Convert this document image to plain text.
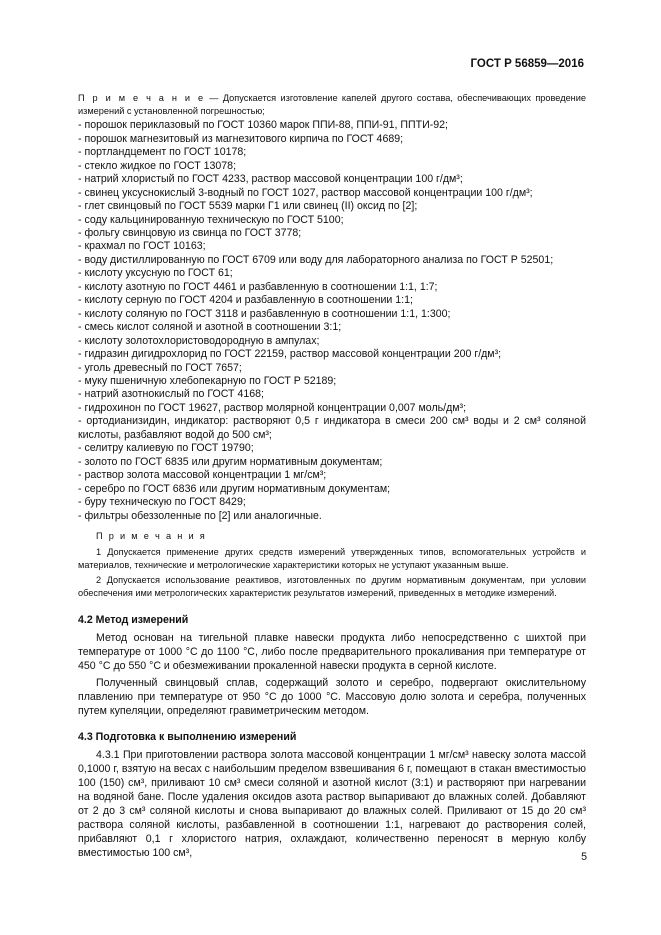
ГОСТ Р 56859—2016
П р и м е ч а н и е — Допускается изготовление капелей другого состава, обеспечивающих проведение измерений с установленной погрешностью;
- порошок периклазовый по ГОСТ 10360 марок ППИ-88, ППИ-91, ППТИ-92;
- порошок магнезитовый из магнезитового кирпича по ГОСТ 4689;
- портландцемент по ГОСТ 10178;
- стекло жидкое по ГОСТ 13078;
- натрий хлористый по ГОСТ 4233, раствор массовой концентрации 100 г/дм³;
- свинец уксуснокислый 3-водный по ГОСТ 1027, раствор массовой концентрации 100 г/дм³;
- глет свинцовый по ГОСТ 5539 марки Г1 или свинец (II) оксид по [2];
- соду кальцинированную техническую по ГОСТ 5100;
- фольгу свинцовую из свинца по ГОСТ 3778;
- крахмал по ГОСТ 10163;
- воду дистиллированную по ГОСТ 6709 или воду для лабораторного анализа по ГОСТ Р 52501;
- кислоту уксусную по ГОСТ 61;
- кислоту азотную по ГОСТ 4461 и разбавленную в соотношении 1:1, 1:7;
- кислоту серную по ГОСТ 4204 и разбавленную в соотношении 1:1;
- кислоту соляную по ГОСТ 3118 и разбавленную в соотношении 1:1, 1:300;
- смесь кислот соляной и азотной в соотношении 3:1;
- кислоту золотохлористоводородную в ампулах;
- гидразин дигидрохлорид по ГОСТ 22159, раствор массовой концентрации 200 г/дм³;
- уголь древесный по ГОСТ 7657;
- муку пшеничную хлебопекарную по ГОСТ Р 52189;
- натрий азотнокислый по ГОСТ 4168;
- гидрохинон по ГОСТ 19627, раствор молярной концентрации 0,007 моль/дм³;
- ортодианизидин, индикатор: растворяют 0,5 г индикатора в смеси 200 см³ воды и 2 см³ соляной кислоты, разбавляют водой до 500 см³;
- селитру калиевую по ГОСТ 19790;
- золото по ГОСТ 6835 или другим нормативным документам;
- раствор золота массовой концентрации 1 мг/см³;
- серебро по ГОСТ 6836 или другим нормативным документам;
- буру техническую по ГОСТ 8429;
- фильтры обеззоленные по [2] или аналогичные.
П р и м е ч а н и я
1 Допускается применение других средств измерений утвержденных типов, вспомогательных устройств и материалов, технические и метрологические характеристики которых не уступают указанным выше.
2 Допускается использование реактивов, изготовленных по другим нормативным документам, при условии обеспечения ими метрологических характеристик результатов измерений, приведенных в методике измерений.

4.2 Метод измерений

Метод основан на тигельной плавке навески продукта либо непосредственно с шихтой при температуре от 1000 °С до 1100 °С, либо после предварительного прокаливания при температуре от 450 °С до 550 °С и обезмеживании прокаленной навески продукта в серной кислоте.

Полученный свинцовый сплав, содержащий золото и серебро, подвергают окислительному плавлению при температуре от 950 °С до 1000 °С. Массовую долю золота и серебра, полученных путем купеляции, определяют гравиметрическим методом.

4.3 Подготовка к выполнению измерений

4.3.1 При приготовлении раствора золота массовой концентрации 1 мг/см³ навеску золота массой 0,1000 г, взятую на весах с наибольшим пределом взвешивания 6 г, помещают в стакан вместимостью 100 (150) см³, приливают 10 см³ смеси соляной и азотной кислот (3:1) и растворяют при нагревании на водяной бане. После удаления оксидов азота раствор выпаривают до влажных солей. Добавляют от 2 до 3 см³ соляной кислоты и снова выпаривают до влажных солей. Приливают от 15 до 20 см³ раствора соляной кислоты, разбавленной в соотношении 1:1, нагревают до растворения солей, прибавляют 0,1 г хлористого натрия, охлаждают, количественно переносят в мерную колбу вместимостью 100 см³,	5
